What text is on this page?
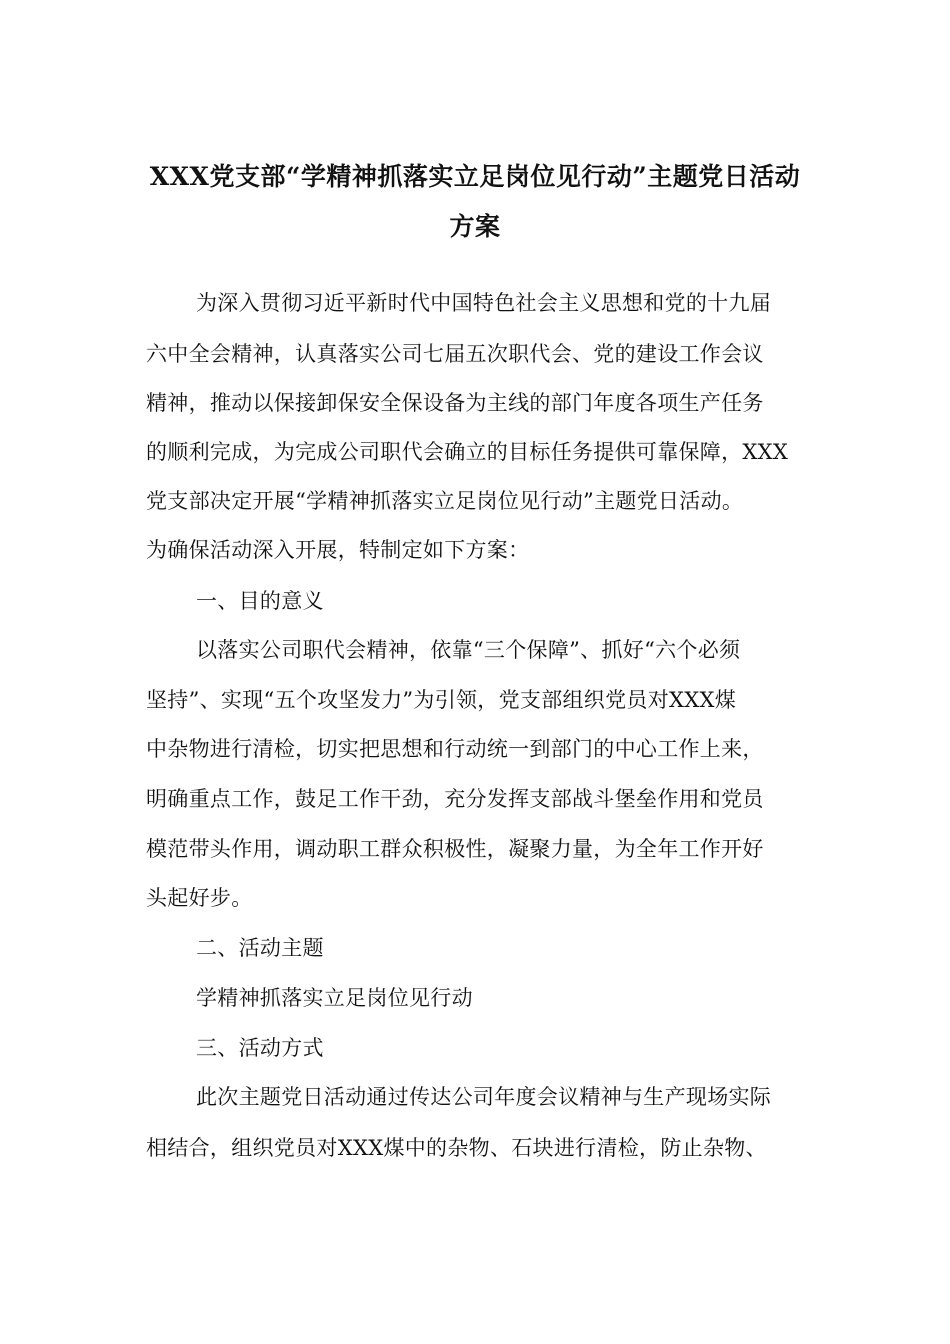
XXX党支部“学精神抓落实立足岗位见行动”主题党日活动
方案
为深入贯彻习近平新时代中国特色社会主义思想和党的十九届
六中全会精神，认真落实公司七届五次职代会、党的建设工作会议
精神，推动以保接卸保安全保设备为主线的部门年度各项生产任务
的顺利完成，为完成公司职代会确立的目标任务提供可靠保障，XXX
党支部决定开展“学精神抓落实立足岗位见行动”主题党日活动。
为确保活动深入开展，特制定如下方案：
一、目的意义
以落实公司职代会精神，依靠“三个保障”、抓好“六个必须
坚持”、实现“五个攻坚发力”为引领，党支部组织党员对XXX煤
中杂物进行清检，切实把思想和行动统一到部门的中心工作上来，
明确重点工作，鼓足工作干劲，充分发挥支部战斗堡垒作用和党员
模范带头作用，调动职工群众积极性，凝聚力量，为全年工作开好
头起好步。
二、活动主题
学精神抓落实立足岗位见行动
三、活动方式
此次主题党日活动通过传达公司年度会议精神与生产现场实际
相结合，组织党员对XXX煤中的杂物、石块进行清检，防止杂物、
